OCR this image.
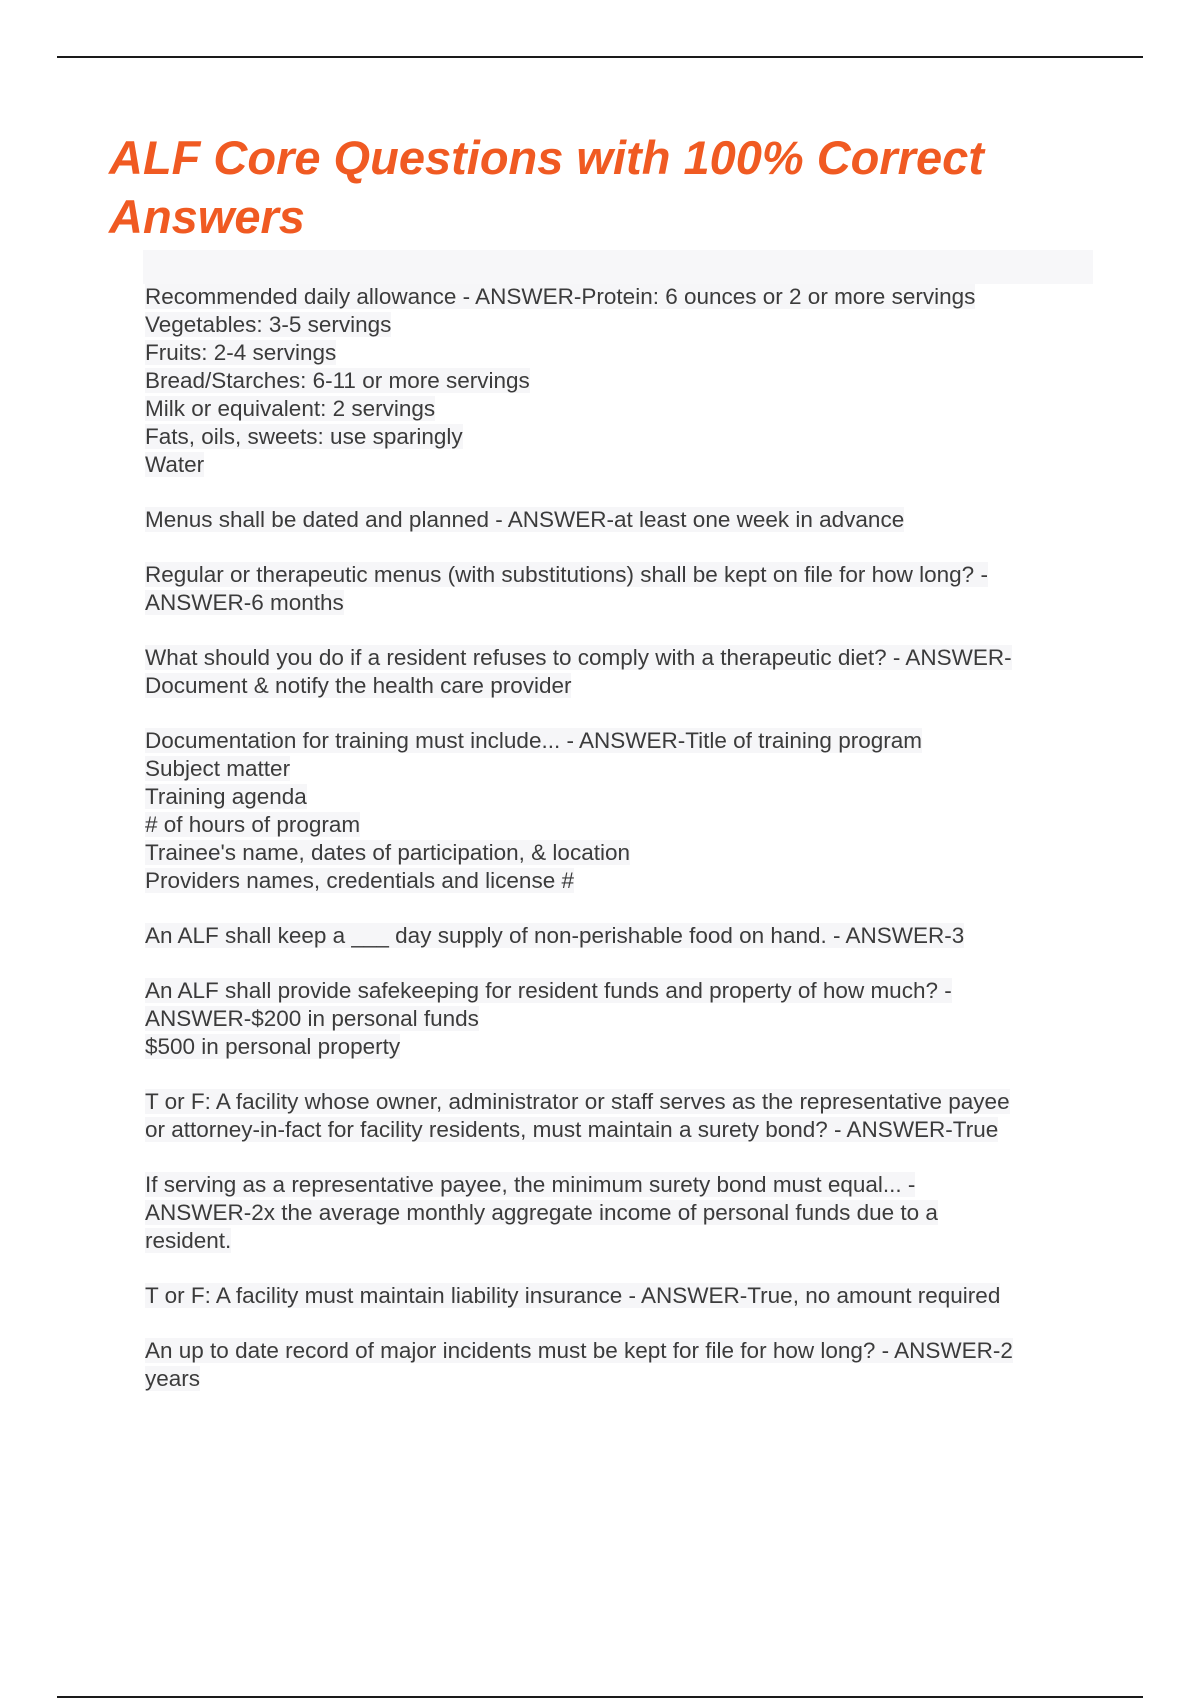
ALF Core Questions with 100% Correct Answers
Recommended daily allowance - ANSWER-Protein: 6 ounces or 2 or more servings
Vegetables: 3-5 servings
Fruits: 2-4 servings
Bread/Starches: 6-11 or more servings
Milk or equivalent: 2 servings
Fats, oils, sweets: use sparingly
Water
Menus shall be dated and planned - ANSWER-at least one week in advance
Regular or therapeutic menus (with substitutions) shall be kept on file for how long? -
ANSWER-6 months
What should you do if a resident refuses to comply with a therapeutic diet? - ANSWER-
Document & notify the health care provider
Documentation for training must include... - ANSWER-Title of training program
Subject matter
Training agenda
# of hours of program
Trainee's name, dates of participation, & location
Providers names, credentials and license #
An ALF shall keep a ___ day supply of non-perishable food on hand. - ANSWER-3
An ALF shall provide safekeeping for resident funds and property of how much? -
ANSWER-$200 in personal funds
$500 in personal property
T or F: A facility whose owner, administrator or staff serves as the representative payee
or attorney-in-fact for facility residents, must maintain a surety bond? - ANSWER-True
If serving as a representative payee, the minimum surety bond must equal... -
ANSWER-2x the average monthly aggregate income of personal funds due to a
resident.
T or F: A facility must maintain liability insurance - ANSWER-True, no amount required
An up to date record of major incidents must be kept for file for how long? - ANSWER-2
years
